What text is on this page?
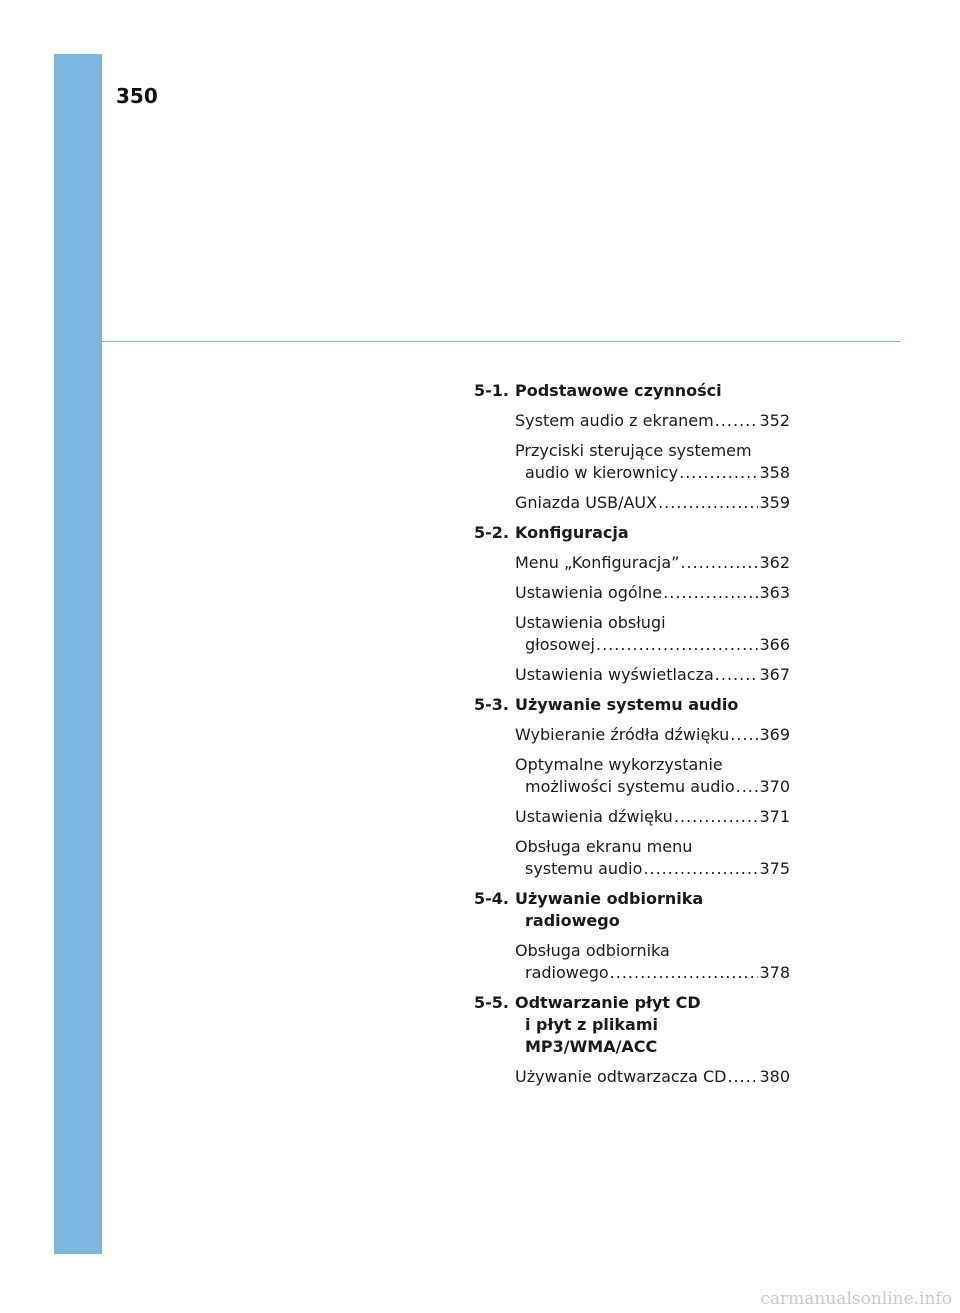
350
5-1. Podstawowe czynności
System audio z ekranem .....	352
Przyciski sterujące systemem
audio w kierownicy .....	358
Gniazda USB/AUX .....	359
5-2. Konfiguracja
Menu „Konfiguracja” .....	362
Ustawienia ogólne .....	363
Ustawienia obsługi
głosowej .....	366
Ustawienia wyświetlacza .....	367
5-3. Używanie systemu audio
Wybieranie źródła dźwięku ..... 369
Optymalne wykorzystanie
możliwości systemu audio ..... 370
Ustawienia dźwięku .....	371
Obsługa ekranu menu
systemu audio .....	375
5-4. Używanie odbiornika
radiowego
Obsługa odbiornika
radiowego .....	378
5-5. Odtwarzanie płyt CD
i płyt z plikami
MP3/WMA/ACC
Używanie odtwarzacza CD ..... 380
carmanualsonline.info
